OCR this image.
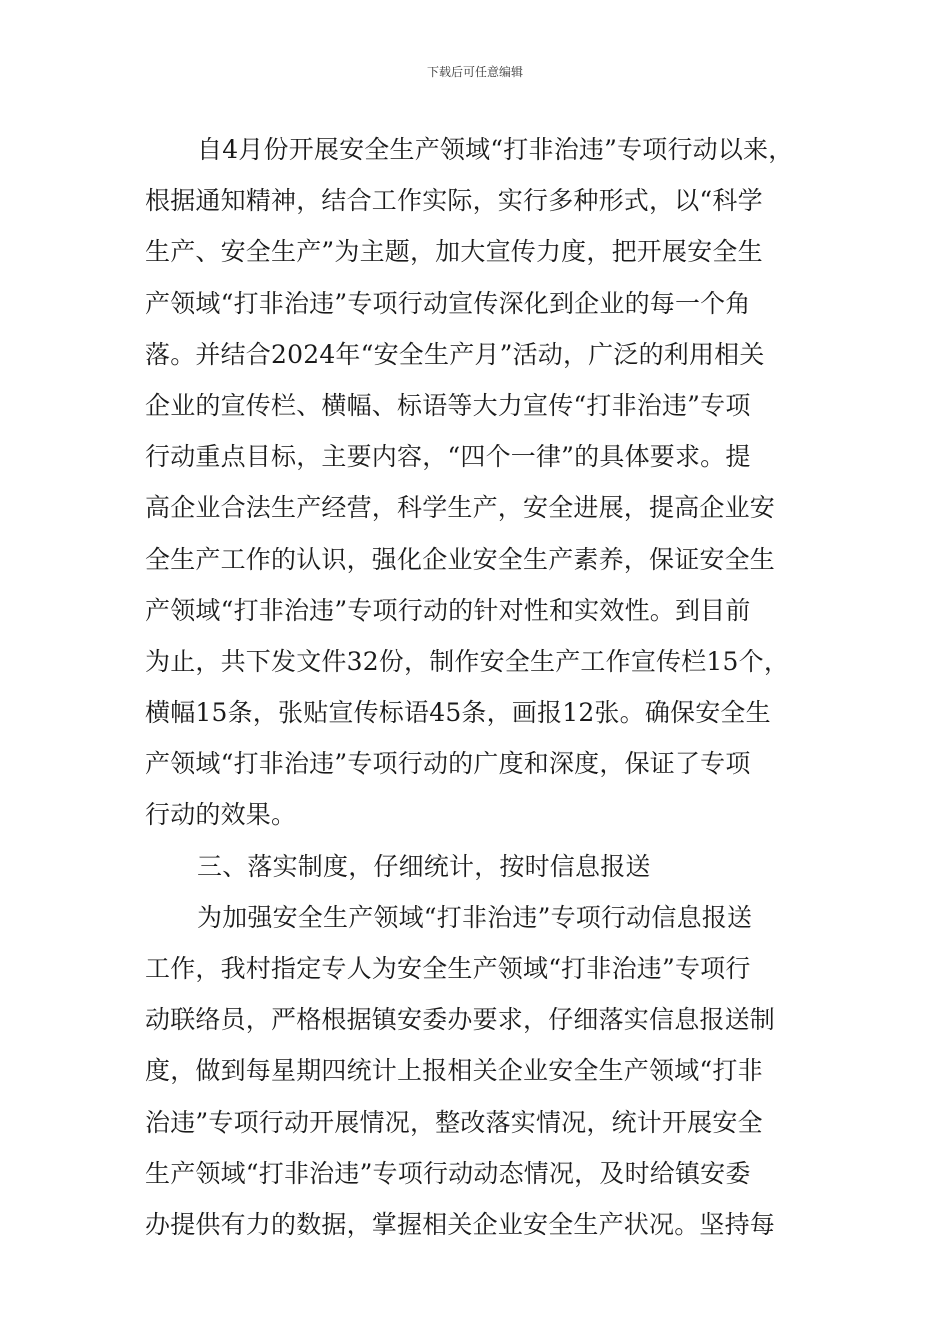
下载后可任意编辑
自4月份开展安全生产领域“打非治违”专项行动以来，
根据通知精神，结合工作实际，实行多种形式，以“科学
生产、安全生产”为主题，加大宣传力度，把开展安全生
产领域“打非治违”专项行动宣传深化到企业的每一个角
落。并结合2024年“安全生产月”活动，广泛的利用相关
企业的宣传栏、横幅、标语等大力宣传“打非治违”专项
行动重点目标，主要内容，“四个一律”的具体要求。提
高企业合法生产经营，科学生产，安全进展，提高企业安
全生产工作的认识，强化企业安全生产素养，保证安全生
产领域“打非治违”专项行动的针对性和实效性。到目前
为止，共下发文件32份，制作安全生产工作宣传栏15个，
横幅15条，张贴宣传标语45条，画报12张。确保安全生
产领域“打非治违”专项行动的广度和深度，保证了专项
行动的效果。
三、落实制度，仔细统计，按时信息报送
为加强安全生产领域“打非治违”专项行动信息报送
工作，我村指定专人为安全生产领域“打非治违”专项行
动联络员，严格根据镇安委办要求，仔细落实信息报送制
度，做到每星期四统计上报相关企业安全生产领域“打非
治违”专项行动开展情况，整改落实情况，统计开展安全
生产领域“打非治违”专项行动动态情况，及时给镇安委
办提供有力的数据，掌握相关企业安全生产状况。坚持每
